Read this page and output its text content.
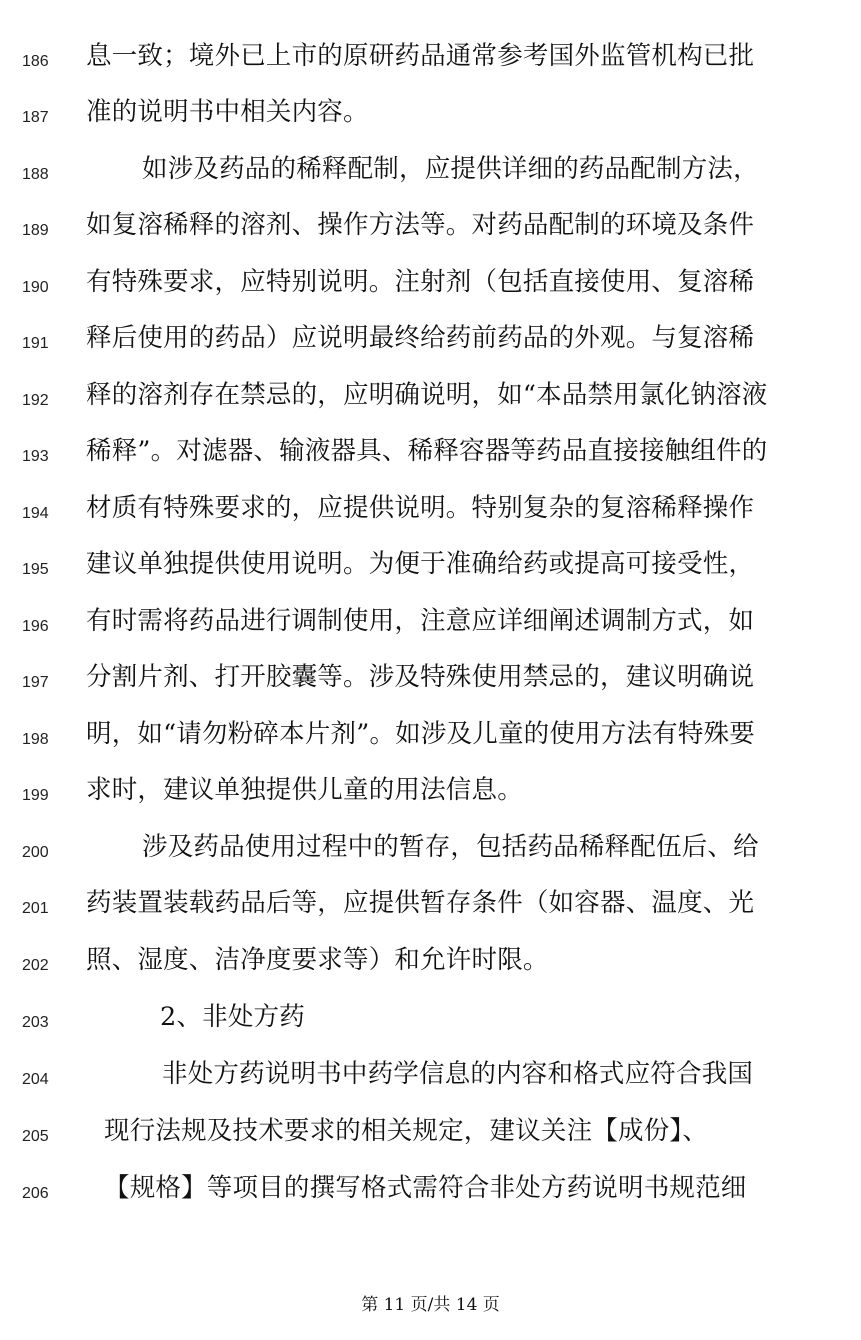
186	息一致；境外已上市的原研药品通常参考国外监管机构已批
187	准的说明书中相关内容。
188	如涉及药品的稀释配制，应提供详细的药品配制方法，
189	如复溶稀释的溶剂、操作方法等。对药品配制的环境及条件
190	有特殊要求，应特别说明。注射剂（包括直接使用、复溶稀
191	释后使用的药品）应说明最终给药前药品的外观。与复溶稀
192	释的溶剂存在禁忌的，应明确说明，如“本品禁用氯化钠溶液
193	稀释”。对滤器、输液器具、稀释容器等药品直接接触组件的
194	材质有特殊要求的，应提供说明。特别复杂的复溶稀释操作
195	建议单独提供使用说明。为便于准确给药或提高可接受性，
196	有时需将药品进行调制使用，注意应详细阐述调制方式，如
197	分割片剂、打开胶囊等。涉及特殊使用禁忌的，建议明确说
198	明，如“请勿粉碎本片剂”。如涉及儿童的使用方法有特殊要
199	求时，建议单独提供儿童的用法信息。
200	涉及药品使用过程中的暂存，包括药品稀释配伍后、给
201	药装置装载药品后等，应提供暂存条件（如容器、温度、光
202	照、湿度、洁净度要求等）和允许时限。
203	2、非处方药
204	非处方药说明书中药学信息的内容和格式应符合我国
205	现行法规及技术要求的相关规定，建议关注【成份】、
206	【规格】等项目的撰写格式需符合非处方药说明书规范细
第 11 页/共 14 页
